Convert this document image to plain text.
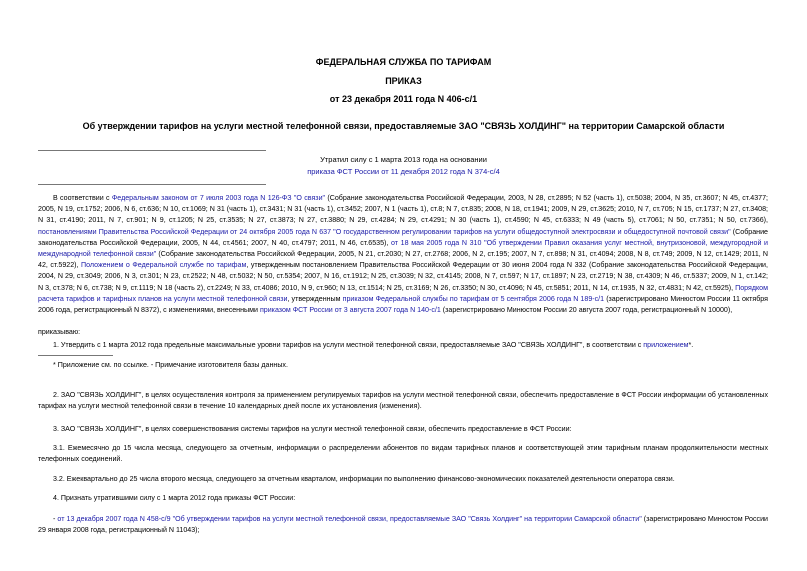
ФЕДЕРАЛЬНАЯ СЛУЖБА ПО ТАРИФАМ
ПРИКАЗ
от 23 декабря 2011 года N 406-с/1
Об утверждении тарифов на услуги местной телефонной связи, предоставляемые ЗАО "СВЯЗЬ ХОЛДИНГ" на территории Самарской области
Утратил силу с 1 марта 2013 года на основании
приказа ФСТ России от 11 декабря 2012 года N 374-с/4
В соответствии с Федеральным законом от 7 июля 2003 года N 126-ФЗ "О связи" (Собрание законодательства Российской Федерации, 2003, N 28, ст.2895; N 52 (часть 1), ст.5038; 2004, N 35, ст.3607; N 45, ст.4377; 2005, N 19, ст.1752; 2006, N 6, ст.636; N 10, ст.1069; N 31 (часть 1), ст.3431; N 31 (часть 1), ст.3452; 2007, N 1 (часть 1), ст.8; N 7, ст.835; 2008, N 18, ст.1941; 2009, N 29, ст.3625; 2010, N 7, ст.705; N 15, ст.1737; N 27, ст.3408; N 31, ст.4190; 2011, N 7, ст.901; N 9, ст.1205; N 25, ст.3535; N 27, ст.3873; N 27, ст.3880; N 29, ст.4284; N 29, ст.4291; N 30 (часть 1), ст.4590; N 45, ст.6333; N 49 (часть 5), ст.7061; N 50, ст.7351; N 50, ст.7366), постановлениями Правительства Российской Федерации от 24 октября 2005 года N 637 "О государственном регулировании тарифов на услуги общедоступной электросвязи и общедоступной почтовой связи" (Собрание законодательства Российской Федерации, 2005, N 44, ст.4561; 2007, N 40, ст.4797; 2011, N 46, ст.6535), от 18 мая 2005 года N 310 "Об утверждении Правил оказания услуг местной, внутризоновой, междугородной и международной телефонной связи" (Собрание законодательства Российской Федерации, 2005, N 21, ст.2030; N 27, ст.2768; 2006, N 2, ст.195; 2007, N 7, ст.898; N 31, ст.4094; 2008, N 8, ст.749; 2009, N 12, ст.1429; 2011, N 42, ст.5922), Положением о Федеральной службе по тарифам, утвержденным постановлением Правительства Российской Федерации от 30 июня 2004 года N 332 (Собрание законодательства Российской Федерации, 2004, N 29, ст.3049; 2006, N 3, ст.301; N 23, ст.2522; N 48, ст.5032; N 50, ст.5354; 2007, N 16, ст.1912; N 25, ст.3039; N 32, ст.4145; 2008, N 7, ст.597; N 17, ст.1897; N 23, ст.2719; N 38, ст.4309; N 46, ст.5337; 2009, N 1, ст.142; N 3, ст.378; N 6, ст.738; N 9, ст.1119; N 18 (часть 2), ст.2249; N 33, ст.4086; 2010, N 9, ст.960; N 13, ст.1514; N 25, ст.3169; N 26, ст.3350; N 30, ст.4096; N 45, ст.5851; 2011, N 14, ст.1935, N 32, ст.4831; N 42, ст.5925), Порядком расчета тарифов и тарифных планов на услуги местной телефонной связи, утвержденным приказом Федеральной службы по тарифам от 5 сентября 2006 года N 189-с/1 (зарегистрировано Минюстом России 11 октября 2006 года, регистрационный N 8372), с изменениями, внесенными приказом ФСТ России от 3 августа 2007 года N 140-с/1 (зарегистрировано Минюстом России 20 августа 2007 года, регистрационный N 10000),
приказываю:
1. Утвердить с 1 марта 2012 года предельные максимальные уровни тарифов на услуги местной телефонной связи, предоставляемые ЗАО "СВЯЗЬ ХОЛДИНГ", в соответствии с приложением*.
* Приложение см. по ссылке. - Примечание изготовителя базы данных.
2. ЗАО "СВЯЗЬ ХОЛДИНГ", в целях осуществления контроля за применением регулируемых тарифов на услуги местной телефонной связи, обеспечить предоставление в ФСТ России информации об установленных тарифах на услуги местной телефонной связи в течение 10 календарных дней после их установления (изменения).
3. ЗАО "СВЯЗЬ ХОЛДИНГ", в целях совершенствования системы тарифов на услуги местной телефонной связи, обеспечить предоставление в ФСТ России:
3.1. Ежемесячно до 15 числа месяца, следующего за отчетным, информации о распределении абонентов по видам тарифных планов и соответствующей этим тарифным планам продолжительности местных телефонных соединений.
3.2. Ежеквартально до 25 числа второго месяца, следующего за отчетным кварталом, информации по выполнению финансово-экономических показателей деятельности оператора связи.
4. Признать утратившими силу с 1 марта 2012 года приказы ФСТ России:
- от 13 декабря 2007 года N 458-с/9 "Об утверждении тарифов на услуги местной телефонной связи, предоставляемые ЗАО "Связь Холдинг" на территории Самарской области" (зарегистрировано Минюстом России 29 января 2008 года, регистрационный N 11043);
